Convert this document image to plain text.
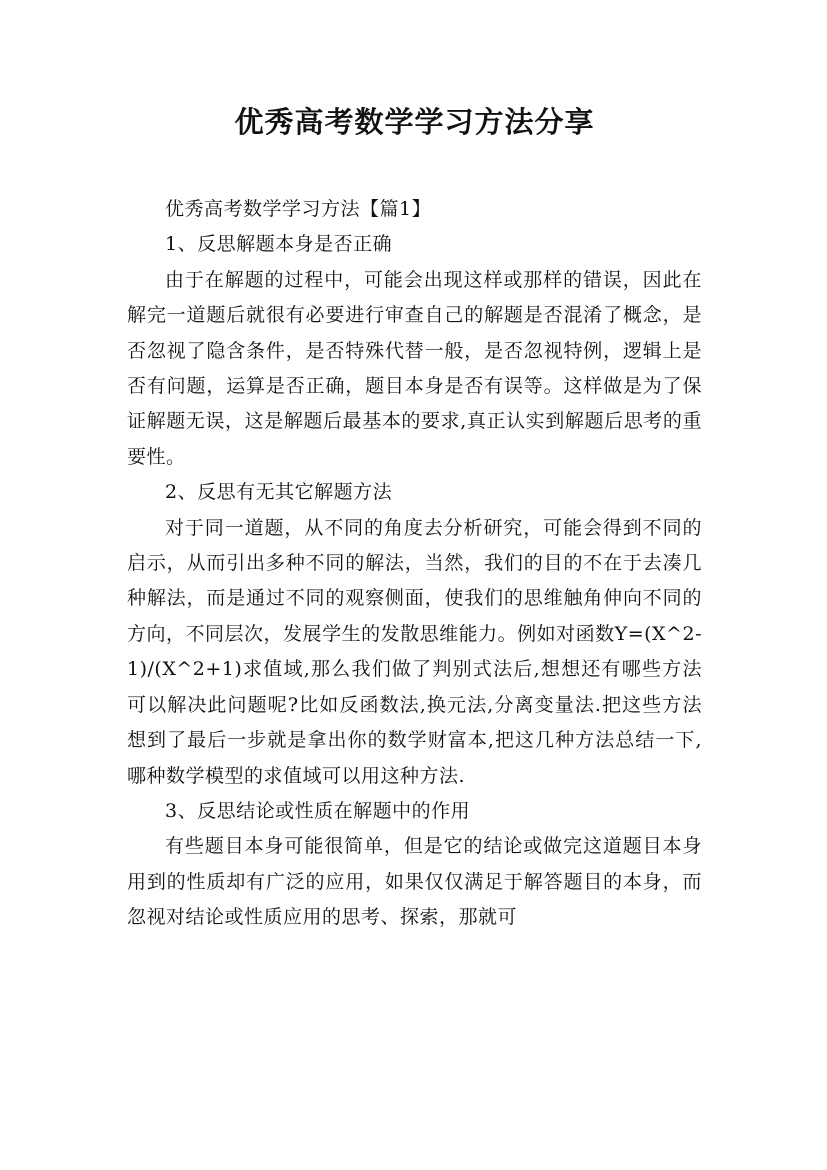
优秀高考数学学习方法分享

优秀高考数学学习方法【篇1】

1、反思解题本身是否正确

由于在解题的过程中，可能会出现这样或那样的错误，因此在解完一道题后就很有必要进行审查自己的解题是否混淆了概念，是否忽视了隐含条件，是否特殊代替一般，是否忽视特例，逻辑上是否有问题，运算是否正确，题目本身是否有误等。这样做是为了保证解题无误，这是解题后最基本的要求,真正认实到解题后思考的重要性。

2、反思有无其它解题方法

对于同一道题，从不同的角度去分析研究，可能会得到不同的启示，从而引出多种不同的解法，当然，我们的目的不在于去凑几种解法，而是通过不同的观察侧面，使我们的思维触角伸向不同的方向，不同层次，发展学生的发散思维能力。例如对函数Y=(X^2-1)/(X^2+1)求值域,那么我们做了判别式法后,想想还有哪些方法可以解决此问题呢?比如反函数法,换元法,分离变量法.把这些方法想到了最后一步就是拿出你的数学财富本,把这几种方法总结一下,哪种数学模型的求值域可以用这种方法.

3、反思结论或性质在解题中的作用

有些题目本身可能很简单，但是它的结论或做完这道题目本身用到的性质却有广泛的应用，如果仅仅满足于解答题目的本身，而忽视对结论或性质应用的思考、探索，那就可
